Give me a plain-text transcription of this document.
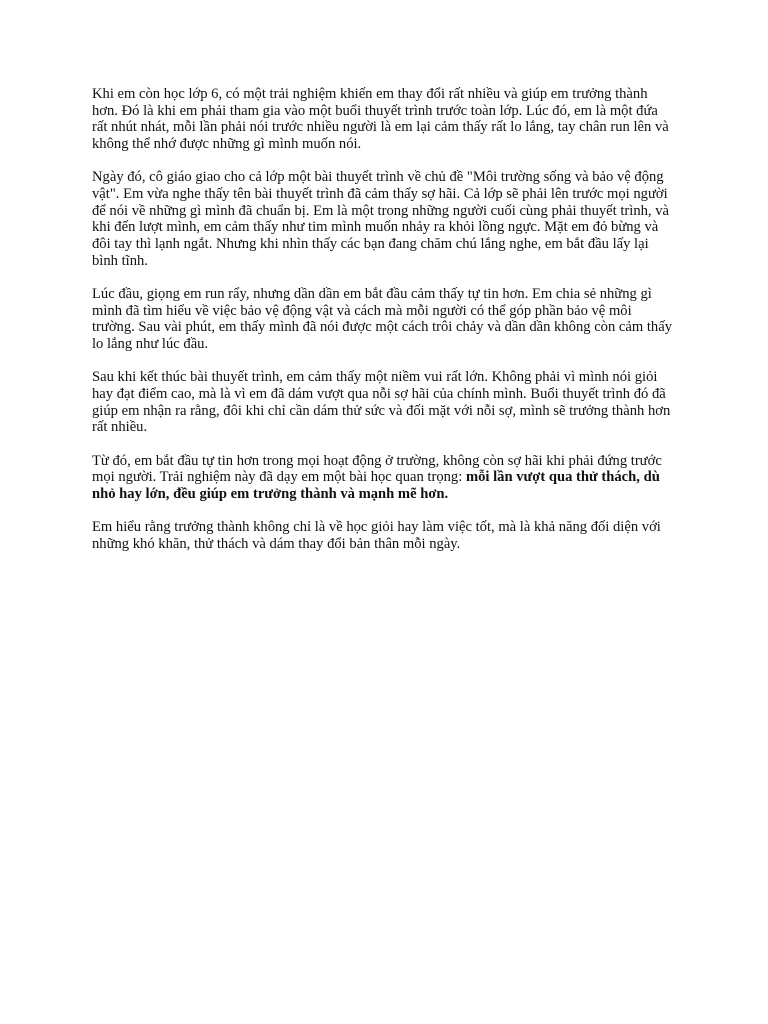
Khi em còn học lớp 6, có một trải nghiệm khiến em thay đổi rất nhiều và giúp em trưởng thành hơn. Đó là khi em phải tham gia vào một buổi thuyết trình trước toàn lớp. Lúc đó, em là một đứa rất nhút nhát, mỗi lần phải nói trước nhiều người là em lại cảm thấy rất lo lắng, tay chân run lên và không thể nhớ được những gì mình muốn nói.

Ngày đó, cô giáo giao cho cả lớp một bài thuyết trình về chủ đề "Môi trường sống và bảo vệ động vật". Em vừa nghe thấy tên bài thuyết trình đã cảm thấy sợ hãi. Cả lớp sẽ phải lên trước mọi người để nói về những gì mình đã chuẩn bị. Em là một trong những người cuối cùng phải thuyết trình, và khi đến lượt mình, em cảm thấy như tim mình muốn nhảy ra khỏi lồng ngực. Mặt em đỏ bừng và đôi tay thì lạnh ngắt. Nhưng khi nhìn thấy các bạn đang chăm chú lắng nghe, em bắt đầu lấy lại bình tĩnh.

Lúc đầu, giọng em run rẩy, nhưng dần dần em bắt đầu cảm thấy tự tin hơn. Em chia sẻ những gì mình đã tìm hiểu về việc bảo vệ động vật và cách mà mỗi người có thể góp phần bảo vệ môi trường. Sau vài phút, em thấy mình đã nói được một cách trôi chảy và dần dần không còn cảm thấy lo lắng như lúc đầu.

Sau khi kết thúc bài thuyết trình, em cảm thấy một niềm vui rất lớn. Không phải vì mình nói giỏi hay đạt điểm cao, mà là vì em đã dám vượt qua nỗi sợ hãi của chính mình. Buổi thuyết trình đó đã giúp em nhận ra rằng, đôi khi chỉ cần dám thử sức và đối mặt với nỗi sợ, mình sẽ trưởng thành hơn rất nhiều.

Từ đó, em bắt đầu tự tin hơn trong mọi hoạt động ở trường, không còn sợ hãi khi phải đứng trước mọi người. Trải nghiệm này đã dạy em một bài học quan trọng: mỗi lần vượt qua thử thách, dù nhỏ hay lớn, đều giúp em trưởng thành và mạnh mẽ hơn.

Em hiểu rằng trưởng thành không chỉ là về học giỏi hay làm việc tốt, mà là khả năng đối diện với những khó khăn, thử thách và dám thay đổi bản thân mỗi ngày.
